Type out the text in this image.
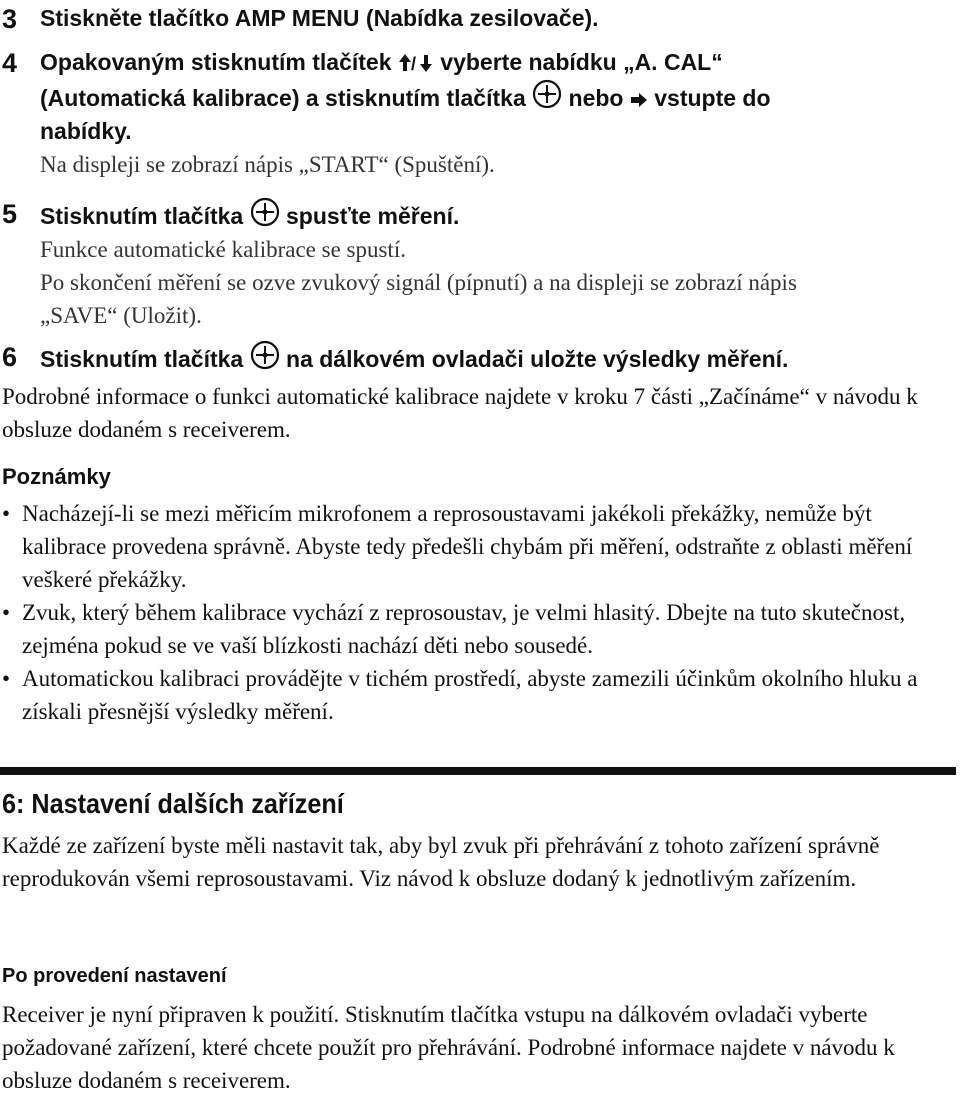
3 Stiskněte tlačítko AMP MENU (Nabídka zesilovače).
4 Opakovaným stisknutím tlačítek / vyberte nabídku „A. CAL“
(Automatická kalibrace) a stisknutím tlačítka
nebo
vstupte do
nabídky.
Na displeji se zobrazí nápis „START“ (Spuštění).
5 Stisknutím tlačítka
spusťte měření.
Funkce automatické kalibrace se spustí.
Po skončení měření se ozve zvukový signál (pípnutí) a na displeji se zobrazí nápis
„SAVE“ (Uložit).
6 Stisknutím tlačítka
na dálkovém ovladači uložte výsledky měření.
Podrobné informace o funkci automatické kalibrace najdete v kroku 7 části „Začínáme“ v návodu k obsluze dodaném s receiverem.
Poznámky
• Nacházejí-li se mezi měřicím mikrofonem a reprosoustavami jakékoli překážky, nemůže být kalibrace provedena správně. Abyste tedy předešli chybám při měření, odstraňte z oblasti měření veškeré překážky.
• Zvuk, který během kalibrace vychází z reprosoustav, je velmi hlasitý. Dbejte na tuto skutečnost, zejména pokud se ve vaší blízkosti nachází děti nebo sousedé.
• Automatickou kalibraci provádějte v tichém prostředí, abyste zamezili účinkům okolního hluku a získali přesnější výsledky měření.
6: Nastavení dalších zařízení
Každé ze zařízení byste měli nastavit tak, aby byl zvuk při přehrávání z tohoto zařízení správně reprodukován všemi reprosoustavami. Viz návod k obsluze dodaný k jednotlivým zařízením.
Po provedení nastavení
Receiver je nyní připraven k použití. Stisknutím tlačítka vstupu na dálkovém ovladači vyberte požadované zařízení, které chcete použít pro přehrávání. Podrobné informace najdete v návodu k obsluze dodaném s receiverem.
